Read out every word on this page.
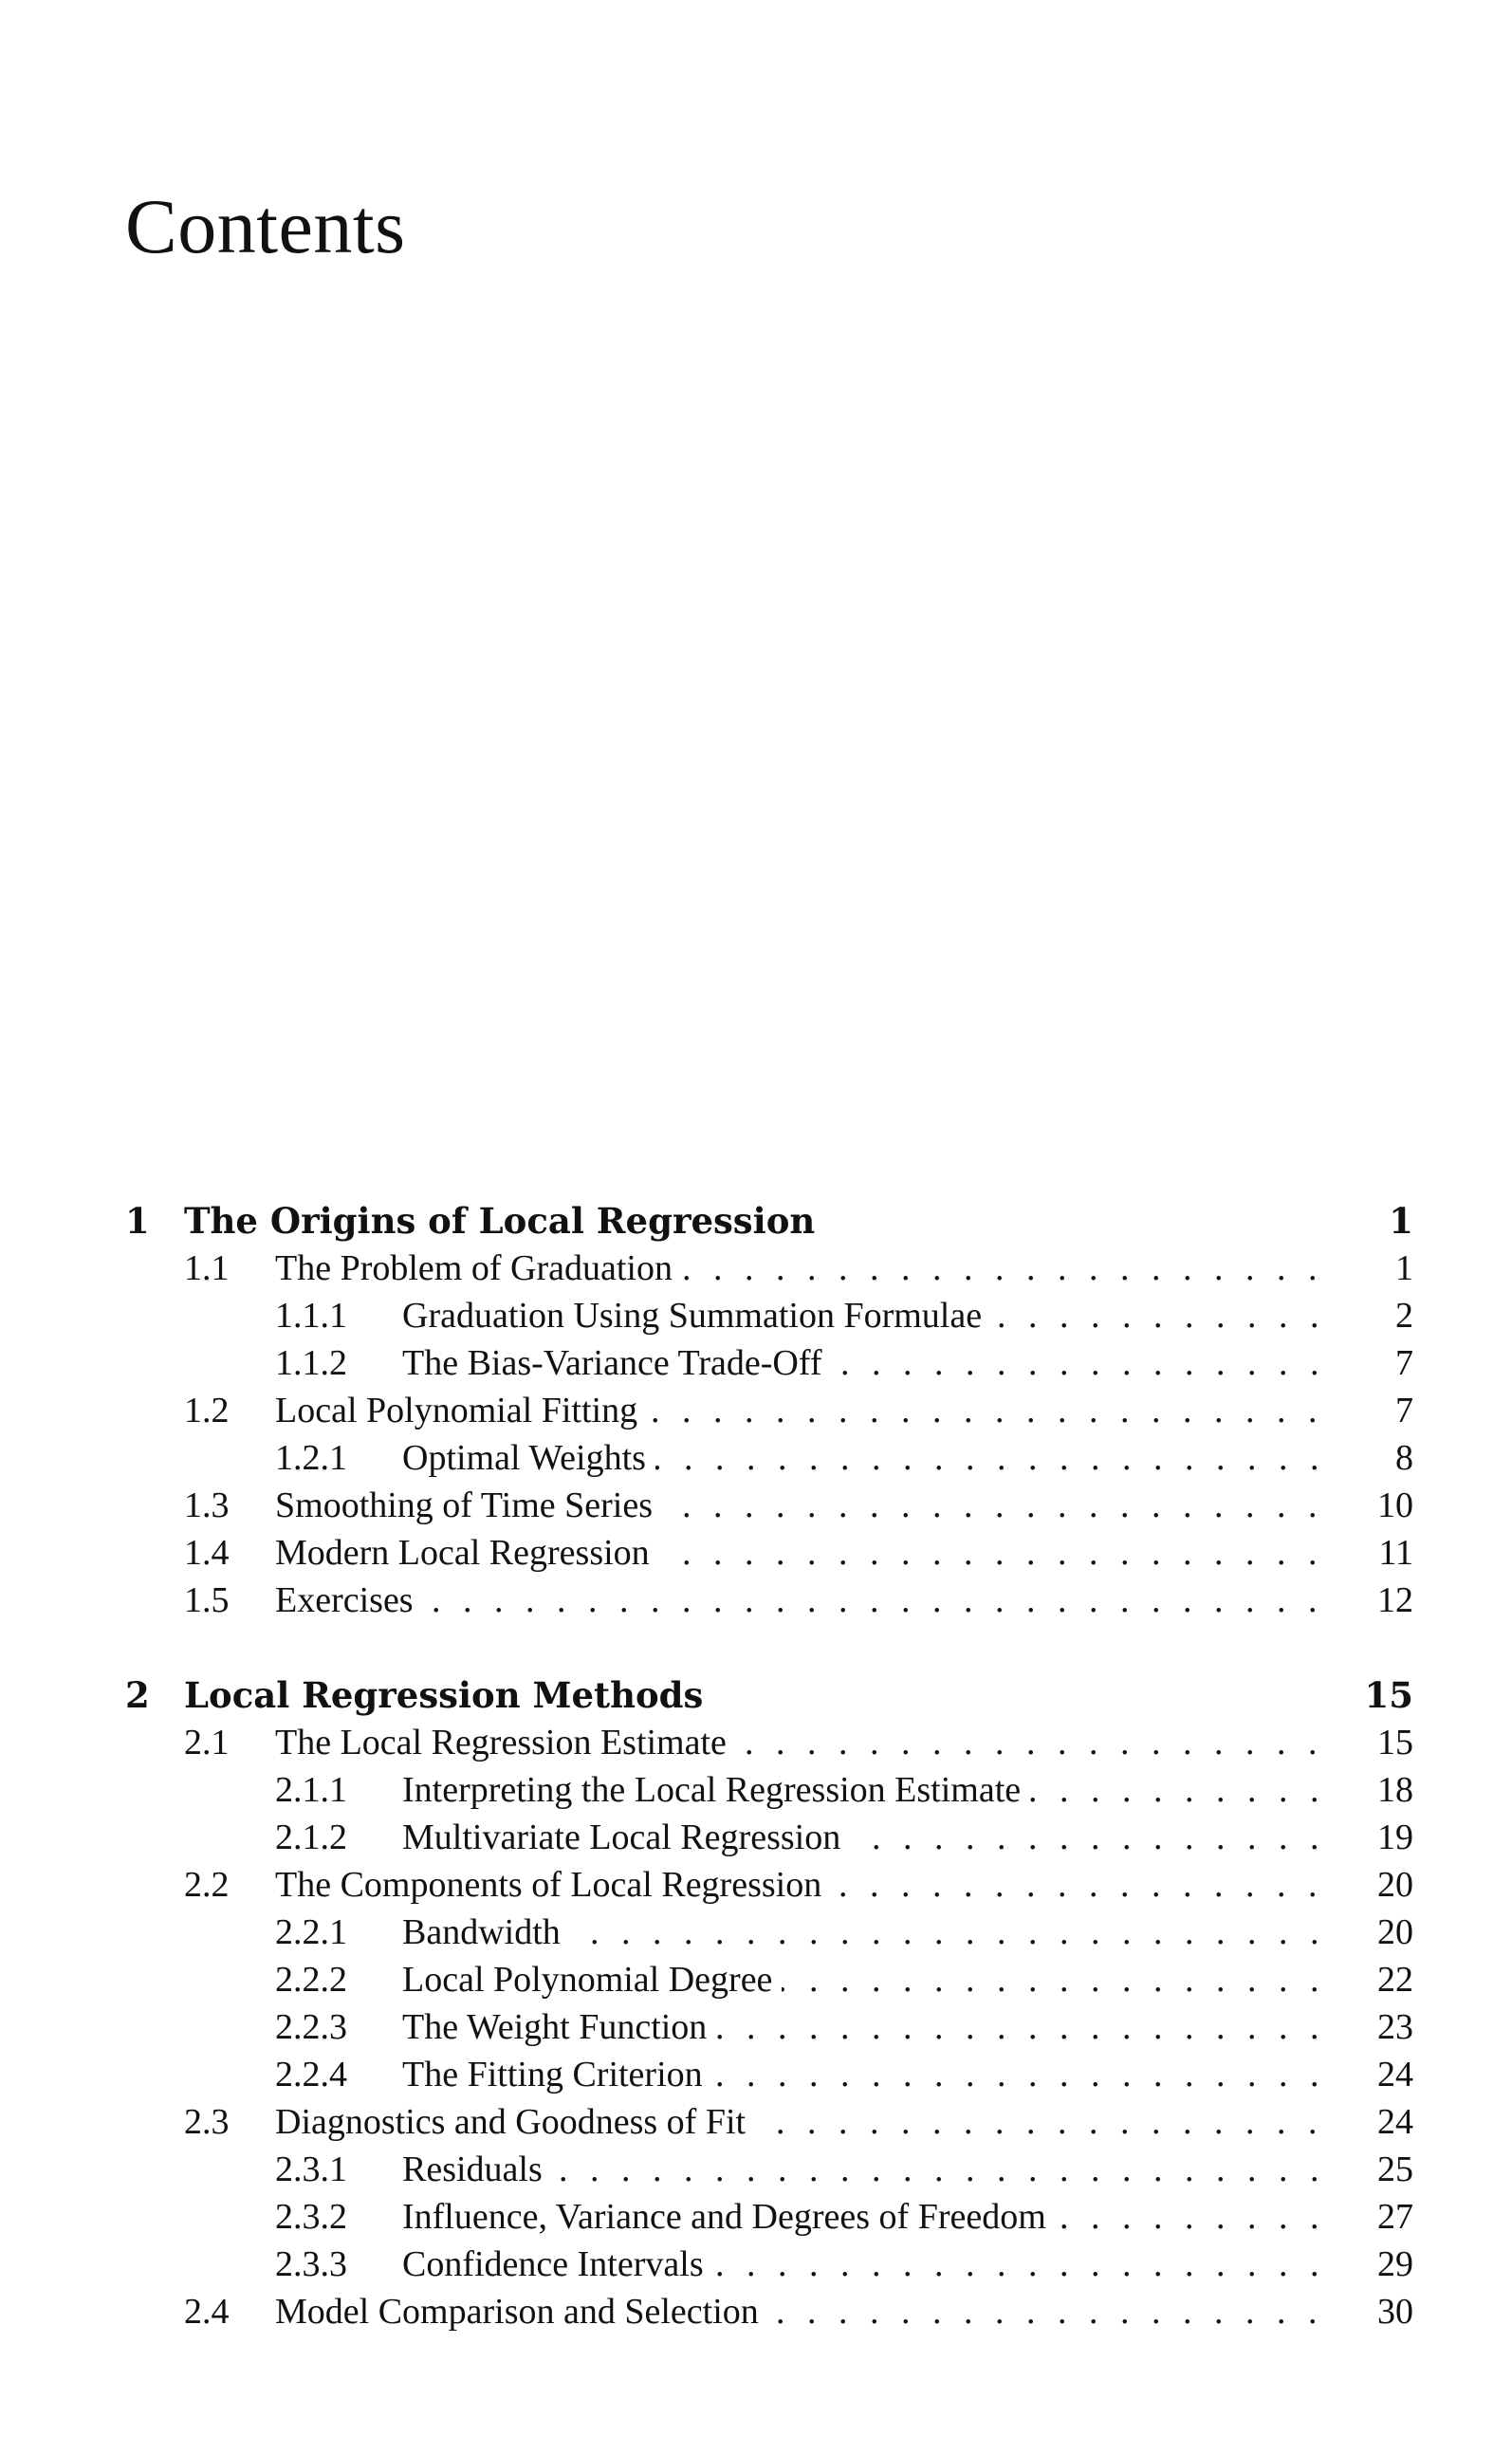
Contents
1 The Origins of Local Regression	1
1.1 The Problem of Graduation . . .	1
1.1.1 Graduation Using Summation Formulae . . .	2
1.1.2 The Bias-Variance Trade-Off . . .	7
1.2 Local Polynomial Fitting . . .	7
1.2.1 Optimal Weights . . .	8
1.3 Smoothing of Time Series . . .	10
1.4 Modern Local Regression . . .	11
1.5 Exercises . . .	12
2 Local Regression Methods	15
2.1 The Local Regression Estimate . . .	15
2.1.1 Interpreting the Local Regression Estimate . . .	18
2.1.2 Multivariate Local Regression . . .	19
2.2 The Components of Local Regression . . .	20
2.2.1 Bandwidth . . .	20
2.2.2 Local Polynomial Degree . . .	22
2.2.3 The Weight Function . . .	23
2.2.4 The Fitting Criterion . . .	24
2.3 Diagnostics and Goodness of Fit . . .	24
2.3.1 Residuals . . .	25
2.3.2 Influence, Variance and Degrees of Freedom . . .	27
2.3.3 Confidence Intervals . . .	29
2.4 Model Comparison and Selection . . .	30
